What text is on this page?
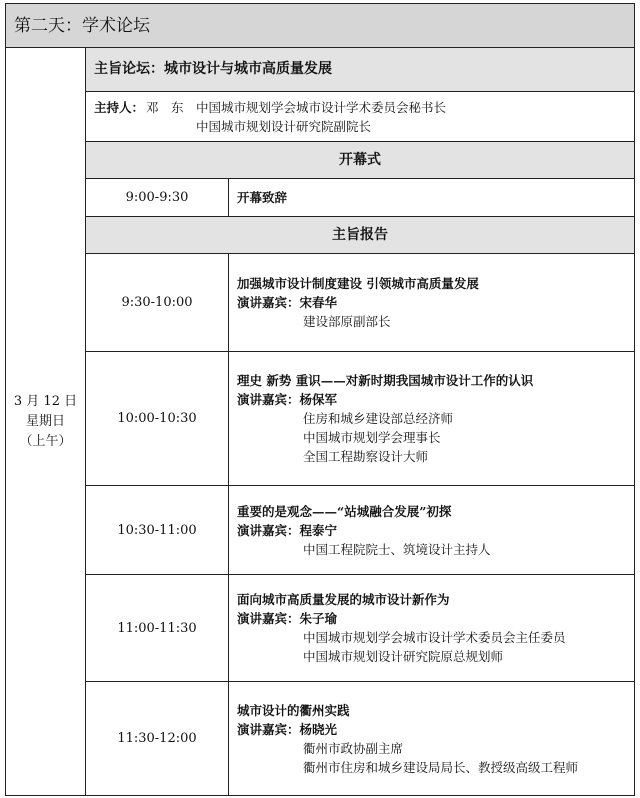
第二天：学术论坛
3 月 12 日
星期日
（上午）
主旨论坛：城市设计与城市高质量发展
主持人： 邓　东 中国城市规划学会城市设计学术委员会秘书长
中国城市规划设计研究院副院长
开幕式
9:00-9:30	开幕致辞
主旨报告
9:30-10:00
加强城市设计制度建设 引领城市高质量发展
演讲嘉宾： 宋春华
建设部原副部长
10:00-10:30
理史 新势 重识——对新时期我国城市设计工作的认识
演讲嘉宾： 杨保军
住房和城乡建设部总经济师
中国城市规划学会理事长
全国工程勘察设计大师
10:30-11:00
重要的是观念——“站城融合发展”初探
演讲嘉宾： 程泰宁
中国工程院院士、筑境设计主持人
11:00-11:30
面向城市高质量发展的城市设计新作为
演讲嘉宾： 朱子瑜
中国城市规划学会城市设计学术委员会主任委员
中国城市规划设计研究院原总规划师
11:30-12:00
城市设计的衢州实践
演讲嘉宾： 杨晓光
衢州市政协副主席
衢州市住房和城乡建设局局长、教授级高级工程师
